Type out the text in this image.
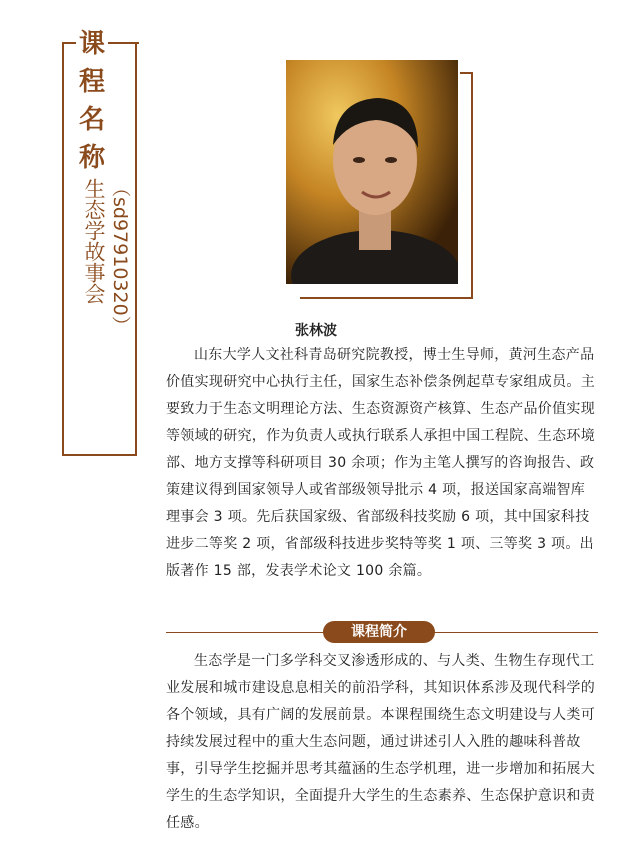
课
程
名
称
（sd97910320）
生态学故事会
张林波

山东大学人文社科青岛研究院教授，博士生导师，黄河生态产品价值实现研究中心执行主任，国家生态补偿条例起草专家组成员。主要致力于生态文明理论方法、生态资源资产核算、生态产品价值实现等领域的研究，作为负责人或执行联系人承担中国工程院、生态环境部、地方支撑等科研项目 30 余项；作为主笔人撰写的咨询报告、政策建议得到国家领导人或省部级领导批示 4 项，报送国家高端智库理事会 3 项。先后获国家级、省部级科技奖励 6 项，其中国家科技进步二等奖 2 项，省部级科技进步奖特等奖 1 项、三等奖 3 项。出版著作 15 部，发表学术论文 100 余篇。

课程简介

生态学是一门多学科交叉渗透形成的、与人类、生物生存现代工业发展和城市建设息息相关的前沿学科，其知识体系涉及现代科学的各个领域，具有广阔的发展前景。本课程围绕生态文明建设与人类可持续发展过程中的重大生态问题，通过讲述引人入胜的趣味科普故事，引导学生挖掘并思考其蕴涵的生态学机理，进一步增加和拓展大学生的生态学知识，全面提升大学生的生态素养、生态保护意识和责任感。
